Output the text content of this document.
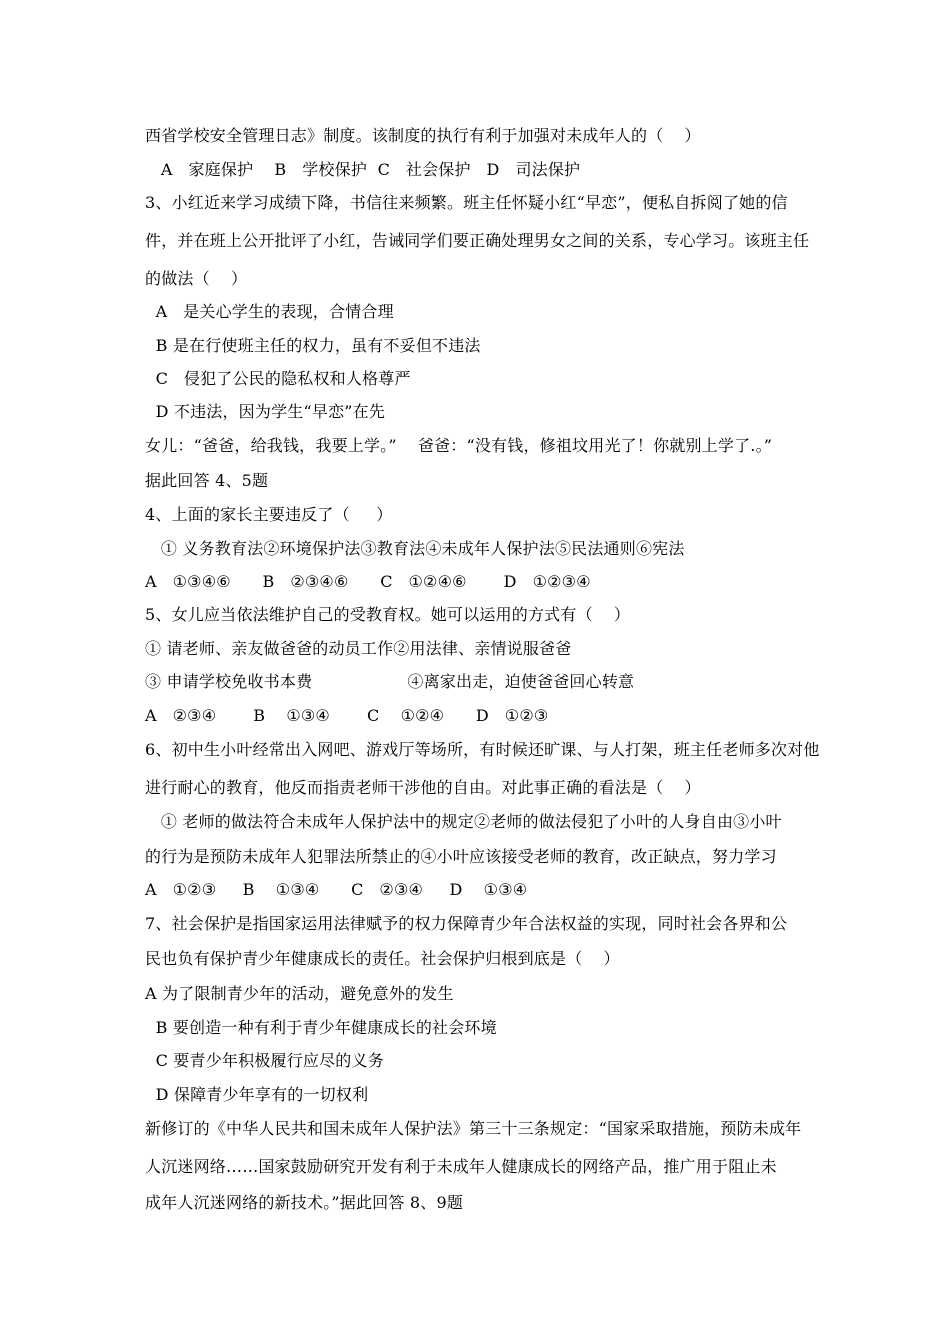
西省学校安全管理日志》制度。该制度的执行有利于加强对未成年人的（    ）
A   家庭保护    B   学校保护  C   社会保护   D   司法保护
3、小红近来学习成绩下降，书信往来频繁。班主任怀疑小红“早恋”，便私自拆阅了她的信
件，并在班上公开批评了小红，告诫同学们要正确处理男女之间的关系，专心学习。该班主任
的做法（    ）
A   是关心学生的表现，合情合理
B 是在行使班主任的权力，虽有不妥但不违法
C   侵犯了公民的隐私权和人格尊严
D 不违法，因为学生“早恋”在先
女儿：“爸爸，给我钱，我要上学。”    爸爸：“没有钱，修祖坟用光了！你就别上学了.。”
据此回答 4、5题
4、上面的家长主要违反了（     ）
① 义务教育法②环境保护法③教育法④未成年人保护法⑤民法通则⑥宪法
A   ①③④⑥      B   ②③④⑥      C   ①②④⑥       D   ①②③④
5、女儿应当依法维护自己的受教育权。她可以运用的方式有（    ）
① 请老师、亲友做爸爸的动员工作②用法律、亲情说服爸爸
③ 申请学校免收书本费                  ④离家出走，迫使爸爸回心转意
A   ②③④       B    ①③④       C    ①②④      D   ①②③
6、初中生小叶经常出入网吧、游戏厅等场所，有时候还旷课、与人打架，班主任老师多次对他
进行耐心的教育，他反而指责老师干涉他的自由。对此事正确的看法是（    ）
① 老师的做法符合未成年人保护法中的规定②老师的做法侵犯了小叶的人身自由③小叶
的行为是预防未成年人犯罪法所禁止的④小叶应该接受老师的教育，改正缺点，努力学习
A   ①②③     B    ①③④      C   ②③④     D    ①③④
7、社会保护是指国家运用法律赋予的权力保障青少年合法权益的实现，同时社会各界和公
民也负有保护青少年健康成长的责任。社会保护归根到底是（    ）
A 为了限制青少年的活动，避免意外的发生
B 要创造一种有利于青少年健康成长的社会环境
C 要青少年积极履行应尽的义务
D 保障青少年享有的一切权利
新修订的《中华人民共和国未成年人保护法》第三十三条规定：“国家采取措施，预防未成年
人沉迷网络……国家鼓励研究开发有利于未成年人健康成长的网络产品，推广用于阻止未
成年人沉迷网络的新技术。”据此回答 8、9题
